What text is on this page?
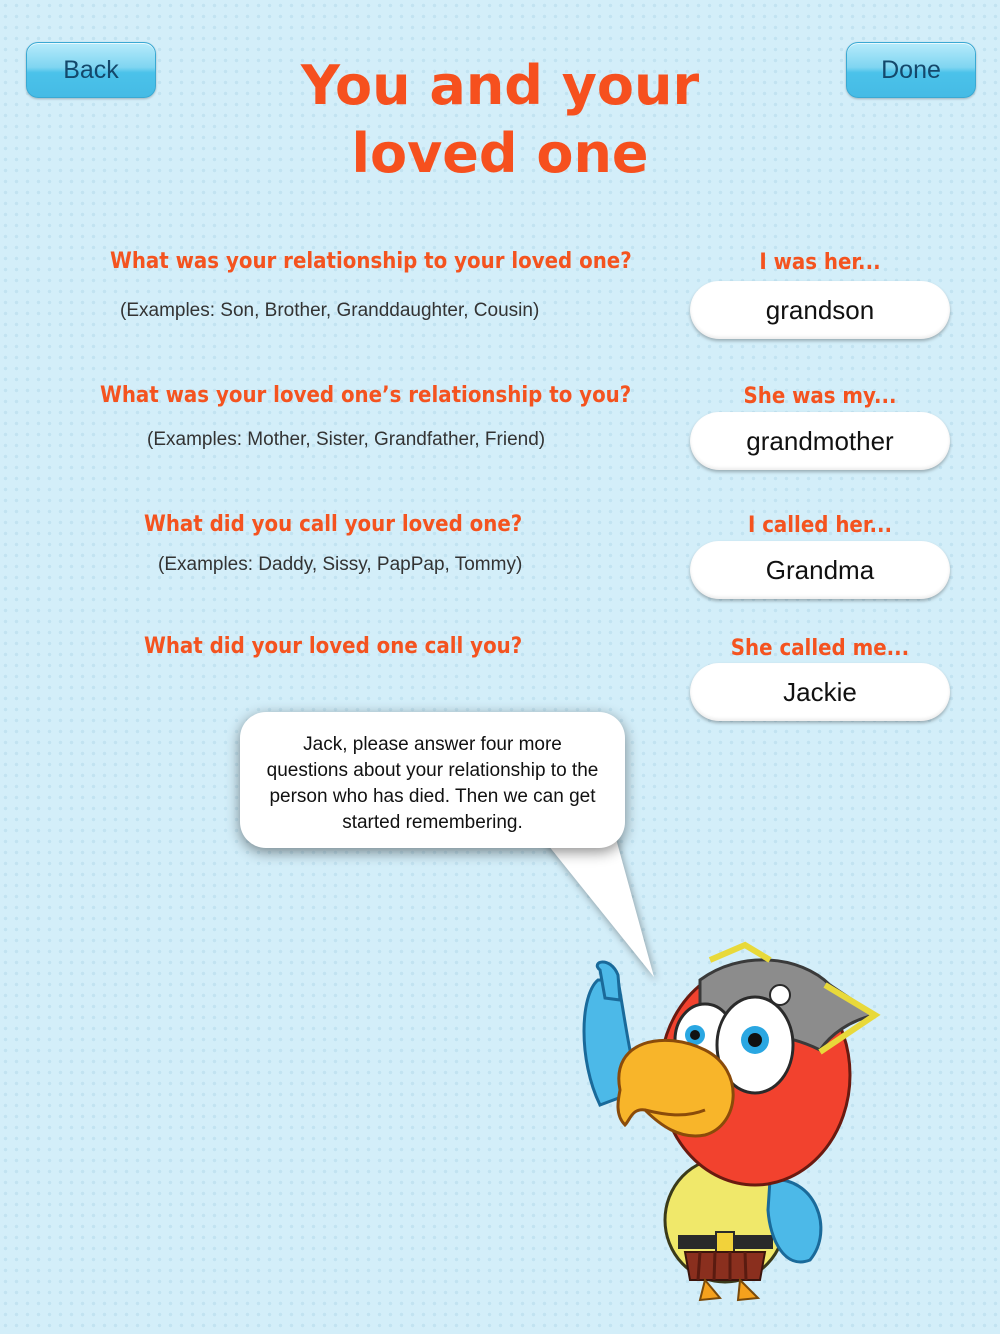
Back	Done
You and your
loved one
What was your relationship to your loved one?
(Examples: Son, Brother, Granddaughter, Cousin)
I was her...
grandson
What was your loved one’s relationship to you?
(Examples: Mother, Sister, Grandfather, Friend)
She was my...
grandmother
What did you call your loved one?
(Examples: Daddy, Sissy, PapPap, Tommy)
I called her...
Grandma
What did your loved one call you?	She called me...
Jackie
Jack, please answer four more questions about your relationship to the person who has died. Then we can get started remembering.
